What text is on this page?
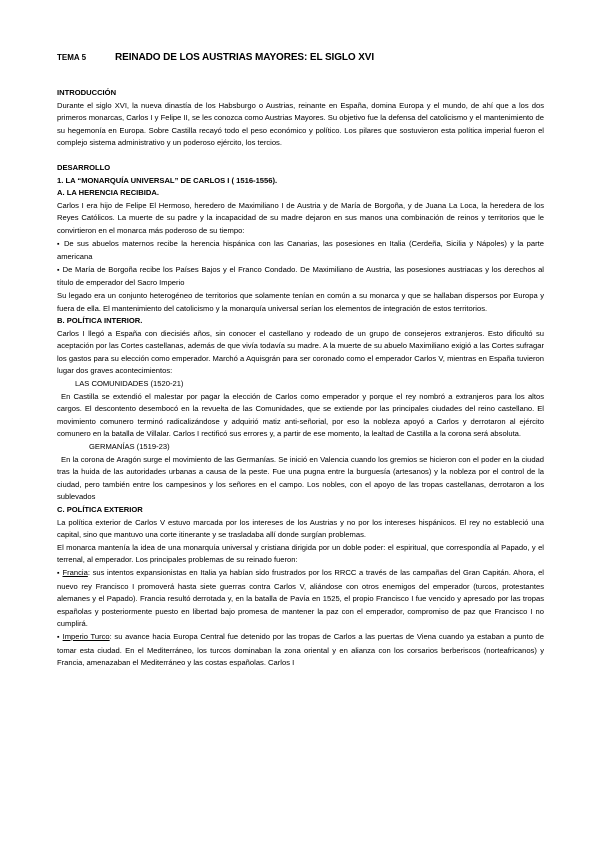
TEMA 5	REINADO DE LOS AUSTRIAS MAYORES: EL SIGLO XVI

INTRODUCCIÓN

Durante el siglo XVI, la nueva dinastía de los Habsburgo o Austrias, reinante en España, domina Europa y el mundo, de ahí que a los dos primeros monarcas, Carlos I y Felipe II, se les conozca como Austrias Mayores. Su objetivo fue la defensa del catolicismo y el mantenimiento de su hegemonía en Europa. Sobre Castilla recayó todo el peso económico y político. Los pilares que sostuvieron esta política imperial fueron el complejo sistema administrativo y un poderoso ejército, los tercios.

DESARROLLO

1. LA “MONARQUÍA UNIVERSAL” DE CARLOS I ( 1516-1556).

A. LA HERENCIA RECIBIDA.

Carlos I era hijo de Felipe El Hermoso, heredero de Maximiliano I de Austria y de María de Borgoña, y de Juana La Loca, la heredera de los Reyes Católicos. La muerte de su padre y la incapacidad de su madre dejaron en sus manos una combinación de reinos y territorios que le convirtieron en el monarca más poderoso de su tiempo:

▪ De sus abuelos maternos recibe la herencia hispánica con las Canarias, las posesiones en Italia (Cerdeña, Sicilia y Nápoles) y la parte americana

▪ De María de Borgoña recibe los Países Bajos y el Franco Condado. De Maximiliano de Austria, las posesiones austriacas y los derechos al título de emperador del Sacro Imperio

Su legado era un conjunto heterogéneo de territorios que solamente tenían en común a su monarca y que se hallaban dispersos por Europa y fuera de ella. El mantenimiento del catolicismo y la monarquía universal serían los elementos de integración de estos territorios.

B. POLÍTICA INTERIOR.

Carlos I llegó a España con diecisiés años, sin conocer el castellano y rodeado de un grupo de consejeros extranjeros. Esto dificultó su aceptación por las Cortes castellanas, además de que vivía todavía su madre. A la muerte de su abuelo Maximiliano exigió a las Cortes sufragar los gastos para su elección como emperador. Marchó a Aquisgrán para ser coronado como el emperador Carlos V, mientras en España tuvieron lugar dos graves acontecimientos:

LAS COMUNIDADES (1520-21)

En Castilla se extendió el malestar por pagar la elección de Carlos como emperador y porque el rey nombró a extranjeros para los altos cargos. El descontento desembocó en la revuelta de las Comunidades, que se extiende por las principales ciudades del reino castellano. El movimiento comunero terminó radicalizándose y adquirió matiz anti-señorial, por eso la nobleza apoyó a Carlos y derrotaron al ejército comunero en la batalla de Villalar. Carlos I rectificó sus errores y, a partir de ese momento, la lealtad de Castilla a la corona será absoluta.

GERMANÍAS (1519-23)

En la corona de Aragón surge el movimiento de las Germanías. Se inició en Valencia cuando los gremios se hicieron con el poder en la ciudad tras la huida de las autoridades urbanas a causa de la peste. Fue una pugna entre la burguesía (artesanos) y la nobleza por el control de la ciudad, pero también entre los campesinos y los señores en el campo. Los nobles, con el apoyo de las tropas castellanas, derrotaron a los sublevados

C. POLÍTICA EXTERIOR

La política exterior de Carlos V estuvo marcada por los intereses de los Austrias y no por los intereses hispánicos. El rey no estableció una capital, sino que mantuvo una corte itinerante y se trasladaba allí donde surgían problemas.

El monarca mantenía la idea de una monarquía universal y cristiana dirigida por un doble poder: el espiritual, que correspondía al Papado, y el terrenal, al emperador. Los principales problemas de su reinado fueron:

▪ Francia: sus intentos expansionistas en Italia ya habían sido frustrados por los RRCC a través de las campañas del Gran Capitán. Ahora, el nuevo rey Francisco I promoverá hasta siete guerras contra Carlos V, aliándose con otros enemigos del emperador (turcos, protestantes alemanes y el Papado). Francia resultó derrotada y, en la batalla de Pavía en 1525, el propio Francisco I fue vencido y apresado por las tropas españolas y posteriormente puesto en libertad bajo promesa de mantener la paz con el emperador, compromiso de paz que Francisco I no cumplirá.

▪ Imperio Turco: su avance hacia Europa Central fue detenido por las tropas de Carlos a las puertas de Viena cuando ya estaban a punto de tomar esta ciudad. En el Mediterráneo, los turcos dominaban la zona oriental y en alianza con los corsarios berberiscos (norteafricanos) y Francia, amenazaban el Mediterráneo y las costas españolas. Carlos I
